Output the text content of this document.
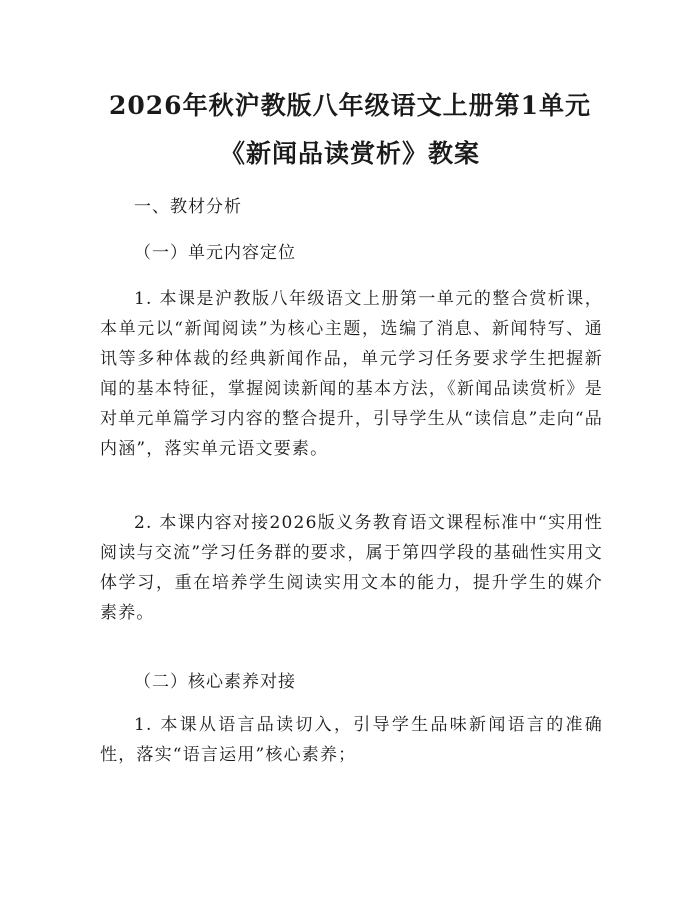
2026年秋沪教版八年级语文上册第1单元
《新闻品读赏析》教案
一、教材分析
（一）单元内容定位

1. 本课是沪教版八年级语文上册第一单元的整合赏析课，本单元以“新闻阅读”为核心主题，选编了消息、新闻特写、通讯等多种体裁的经典新闻作品，单元学习任务要求学生把握新闻的基本特征，掌握阅读新闻的基本方法，《新闻品读赏析》是对单元单篇学习内容的整合提升，引导学生从“读信息”走向“品内涵”，落实单元语文要素。

2. 本课内容对接2026版义务教育语文课程标准中“实用性阅读与交流”学习任务群的要求，属于第四学段的基础性实用文体学习，重在培养学生阅读实用文本的能力，提升学生的媒介素养。

（二）核心素养对接

1. 本课从语言品读切入，引导学生品味新闻语言的准确性，落实“语言运用”核心素养；
